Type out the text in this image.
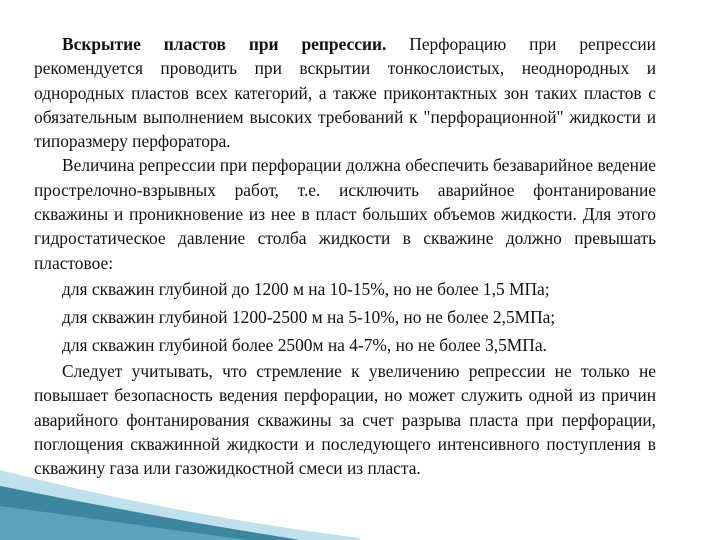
Вскрытие пластов при репрессии. Перфорацию при репрессии рекомендуется проводить при вскрытии тонкослоистых, неоднородных и однородных пластов всех категорий, а также приконтактных зон таких пластов с обязательным выполнением высоких требований к "перфорационной" жидкости и типоразмеру перфоратора.

Величина репрессии при перфорации должна обеспечить безаварийное ведение прострелочно-взрывных работ, т.е. исключить аварийное фонтанирование скважины и проникновение из нее в пласт больших объемов жидкости. Для этого гидростатическое давление столба жидкости в скважине должно превышать пластовое:

для скважин глубиной до 1200 м на 10-15%, но не более 1,5 МПа;

для скважин глубиной 1200-2500 м на 5-10%, но не более 2,5МПа;

для скважин глубиной более 2500м на 4-7%, но не более 3,5МПа.

Следует учитывать, что стремление к увеличению репрессии не только не повышает безопасность ведения перфорации, но может служить одной из причин аварийного фонтанирования скважины за счет разрыва пласта при перфорации, поглощения скважинной жидкости и последующего интенсивного поступления в скважину газа или газожидкостной смеси из пласта.
